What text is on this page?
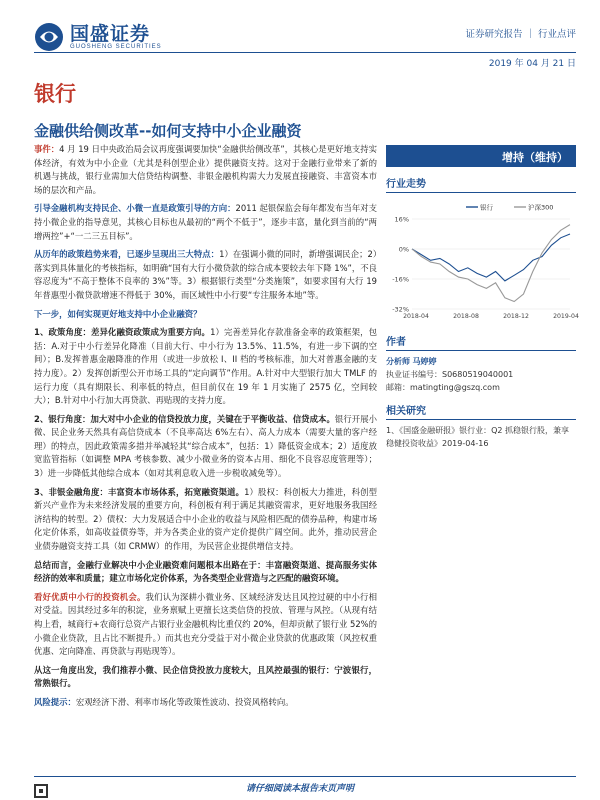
国盛证券
GUOSHENG SECURITIES
证券研究报告 ｜ 行业点评
2019 年 04 月 21 日
银行
金融供给侧改革--如何支持中小企业融资

事件：4 月 19 日中央政治局会议再度强调要加快“金融供给侧改革”，其核心是更好地支持实体经济，有效为中小企业（尤其是科创型企业）提供融资支持。这对于金融行业带来了新的机遇与挑战，银行业需加大信贷结构调整、非银金融机构需大力发展直接融资、丰富资本市场的层次和产品。

引导金融机构支持民企、小微一直是政策引导的方向：2011 起银保监会每年都发布当年对支持小微企业的指导意见，其核心目标也从最初的“两个不低于”，逐步丰富，量化到当前的“两增两控”+“一二三五目标”。

从历年的政策趋势来看，已逐步呈现出三大特点：1）在强调小微的同时，新增强调民企；2）落实到具体量化的考核指标，如明确“国有大行小微贷款的综合成本要较去年下降 1%”，不良容忍度为“不高于整体不良率的 3%”等。3）根据银行类型“分类施策”，如要求国有大行 19 年普惠型小微贷款增速不得低于 30%，而区域性中小行要“专注服务本地”等。

下一步，如何实现更好地支持中小企业融资？

1、政策角度：差异化融资政策成为重要方向。1）完善差异化存款准备金率的政策框架，包括：A.对于中小行差异化降准（目前大行、中小行为 13.5%、11.5%，有进一步下调的空间）；B.发挥普惠金融降准的作用（或进一步放松 I、II 档的考核标准，加大对普惠金融的支持力度）。2）发挥创新型公开市场工具的“定向调节”作用。A.针对中大型银行加大 TMLF 的运行力度（具有期限长、利率低的特点，但目前仅在 19 年 1 月实施了 2575 亿，空间较大）；B.针对中小行加大再贷款、再贴现的支持力度。

2、银行角度：加大对中小企业的信贷投放力度，关键在于平衡收益、信贷成本。银行开展小微、民企业务天然具有高信贷成本（不良率高达 6%左右）、高人力成本（需要大量的客户经理）的特点，因此政策需多措并举减轻其“综合成本”，包括：1）降低资金成本；2）适度放宽监管指标（如调整 MPA 考核参数、减少小微业务的资本占用、细化不良容忍度管理等）；3）进一步降低其他综合成本（如对其利息收入进一步税收减免等）。

3、非银金融角度：丰富资本市场体系，拓宽融资渠道。1）股权：科创板大力推进，科创型新兴产业作为未来经济发展的重要方向，科创板有利于满足其融资需求，更好地服务我国经济结构的转型。2）债权：大力发展适合中小企业的收益与风险相匹配的债券品种，构建市场化定价体系，如高收益债券等，并为各类企业的资产定价提供广阔空间。此外，推动民营企业债券融资支持工具（如 CRMW）的作用，为民营企业提供增信支持。

总结而言，金融行业解决中小企业融资难问题根本出路在于：丰富融资渠道、提高服务实体经济的效率和质量；建立市场化定价体系，为各类型企业营造与之匹配的融资环境。

看好优质中小行的投资机会。我们认为深耕小微业务、区域经济发达且风控过硬的中小行相对受益。因其经过多年的积淀，业务禀赋上更擅长这类信贷的投放、管理与风控。（从现有结构上看，城商行+农商行总资产占银行业金融机构比重仅约 20%，但却贡献了银行业 52%的小微企业贷款，且占比不断提升。）而其也充分受益于对小微企业贷款的优惠政策（风控权重优惠、定向降准、再贷款与再贴现等）。

从这一角度出发，我们推荐小微、民企信贷投放力度较大，且风控最强的银行：宁波银行，常熟银行。

风险提示：宏观经济下滑、利率市场化等政策性波动、投资风格转向。

增持（维持）
行业走势
16%
0%
-16%
-32%
2018-04	2018-08	2018-12	2019-04
银行	沪深300
作者
分析师 马婷婷
执业证书编号：S0680519040001
邮箱：matingting@gszq.com
相关研究
1、《国盛金融研报》银行业：Q2 抓稳银行股，兼享稳健投资收益》2019-04-16
请仔细阅读本报告末页声明
